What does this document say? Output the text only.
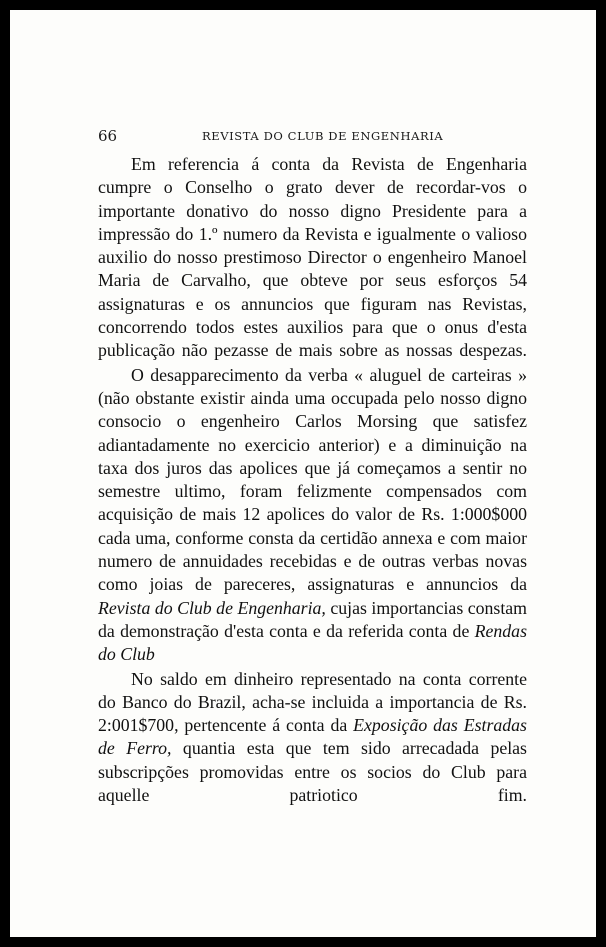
66	REVISTA DO CLUB DE ENGENHARIA

Em referencia á conta da Revista de Engenharia cumpre o Conselho o grato dever de recordar-vos o importante donativo do nosso digno Presidente para a impressão do 1.º numero da Revista e igualmente o valioso auxilio do nosso prestimoso Director o engenheiro Manoel Maria de Carvalho, que obteve por seus esforços 54 assignaturas e os annuncios que figuram nas Revistas, concorrendo todos estes auxilios para que o onus d'esta publicação não pezasse de mais sobre as nossas despezas.

O desapparecimento da verba « aluguel de carteiras » (não obstante existir ainda uma occupada pelo nosso digno consocio o engenheiro Carlos Morsing que satisfez adiantadamente no exercicio anterior) e a diminuição na taxa dos juros das apolices que já começamos a sentir no semestre ultimo, foram felizmente compensados com acquisição de mais 12 apolices do valor de Rs. 1:000$000 cada uma, conforme consta da certidão annexa e com maior numero de annuidades recebidas e de outras verbas novas como joias de pareceres, assignaturas e annuncios da Revista do Club de Engenharia, cujas importancias constam da demonstração d'esta conta e da referida conta de Rendas do Club

No saldo em dinheiro representado na conta corrente do Banco do Brazil, acha-se incluida a importancia de Rs. 2:001$700, pertencente á conta da Exposição das Estradas de Ferro, quantia esta que tem sido arrecadada pelas subscripções promovidas entre os socios do Club para aquelle patriotico fim.
